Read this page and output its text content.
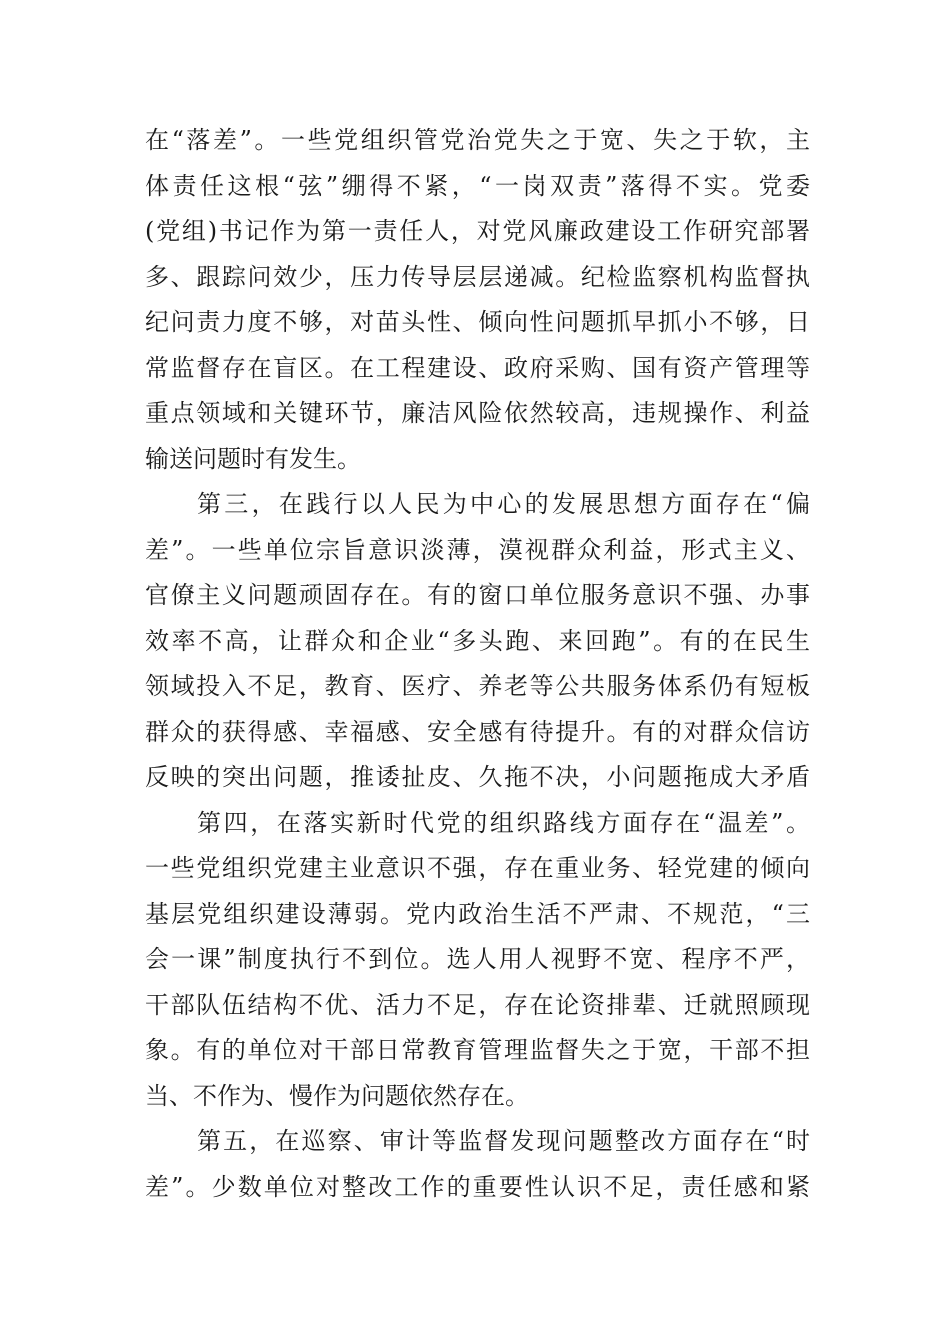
在“落差”。一些党组织管党治党失之于宽、失之于软，主
体责任这根“弦”绷得不紧，“一岗双责”落得不实。党委
(党组)书记作为第一责任人，对党风廉政建设工作研究部署
多、跟踪问效少，压力传导层层递减。纪检监察机构监督执
纪问责力度不够，对苗头性、倾向性问题抓早抓小不够，日
常监督存在盲区。在工程建设、政府采购、国有资产管理等
重点领域和关键环节，廉洁风险依然较高，违规操作、利益
输送问题时有发生。
第三，在践行以人民为中心的发展思想方面存在“偏
差”。一些单位宗旨意识淡薄，漠视群众利益，形式主义、
官僚主义问题顽固存在。有的窗口单位服务意识不强、办事
效率不高，让群众和企业“多头跑、来回跑”。有的在民生
领域投入不足，教育、医疗、养老等公共服务体系仍有短板
群众的获得感、幸福感、安全感有待提升。有的对群众信访
反映的突出问题，推诿扯皮、久拖不决，小问题拖成大矛盾
第四，在落实新时代党的组织路线方面存在“温差”。
一些党组织党建主业意识不强，存在重业务、轻党建的倾向
基层党组织建设薄弱。党内政治生活不严肃、不规范，“三
会一课”制度执行不到位。选人用人视野不宽、程序不严，
干部队伍结构不优、活力不足，存在论资排辈、迁就照顾现
象。有的单位对干部日常教育管理监督失之于宽，干部不担
当、不作为、慢作为问题依然存在。
第五，在巡察、审计等监督发现问题整改方面存在“时
差”。少数单位对整改工作的重要性认识不足，责任感和紧
